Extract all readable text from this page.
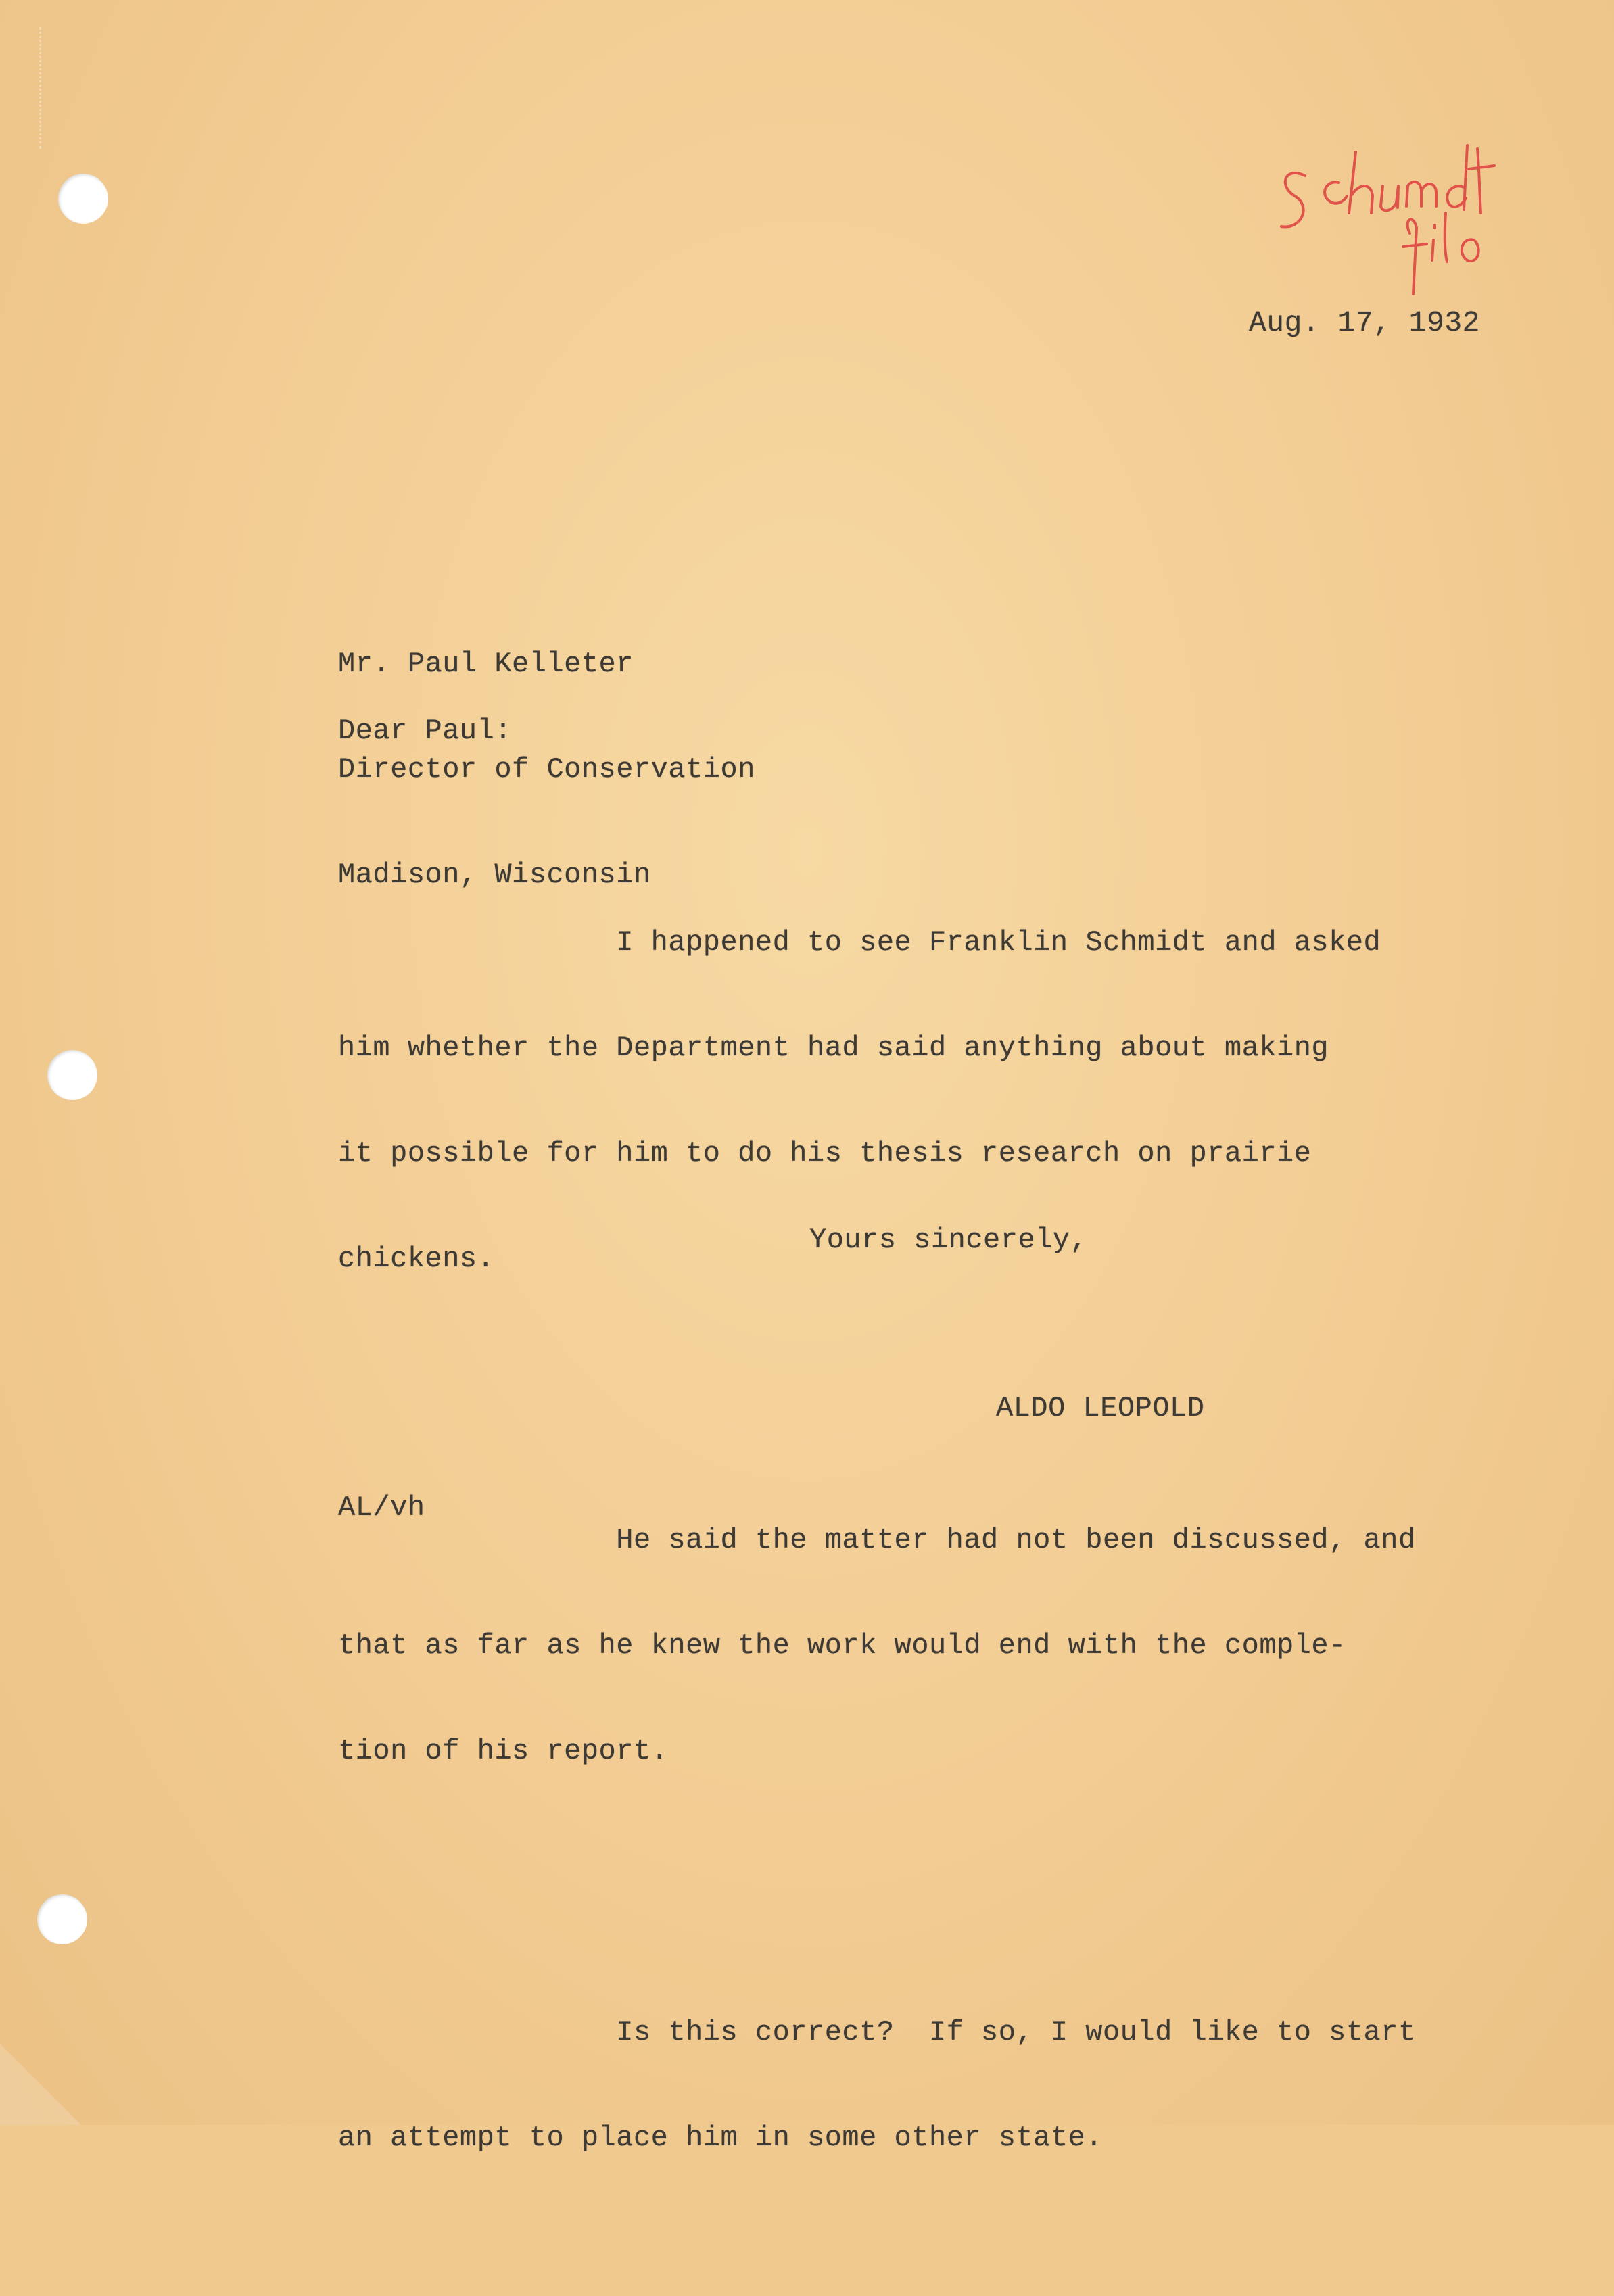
Aug. 17, 1932

Mr. Paul Kelleter

Director of Conservation

Madison, Wisconsin

Dear Paul:

I happened to see Franklin Schmidt and asked

him whether the Department had said anything about making

it possible for him to do his thesis research on prairie

chickens.

He said the matter had not been discussed, and

that as far as he knew the work would end with the comple-

tion of his report.

Is this correct?  If so, I would like to start

an attempt to place him in some other state.

Yours sincerely,
ALDO LEOPOLD
AL/vh
